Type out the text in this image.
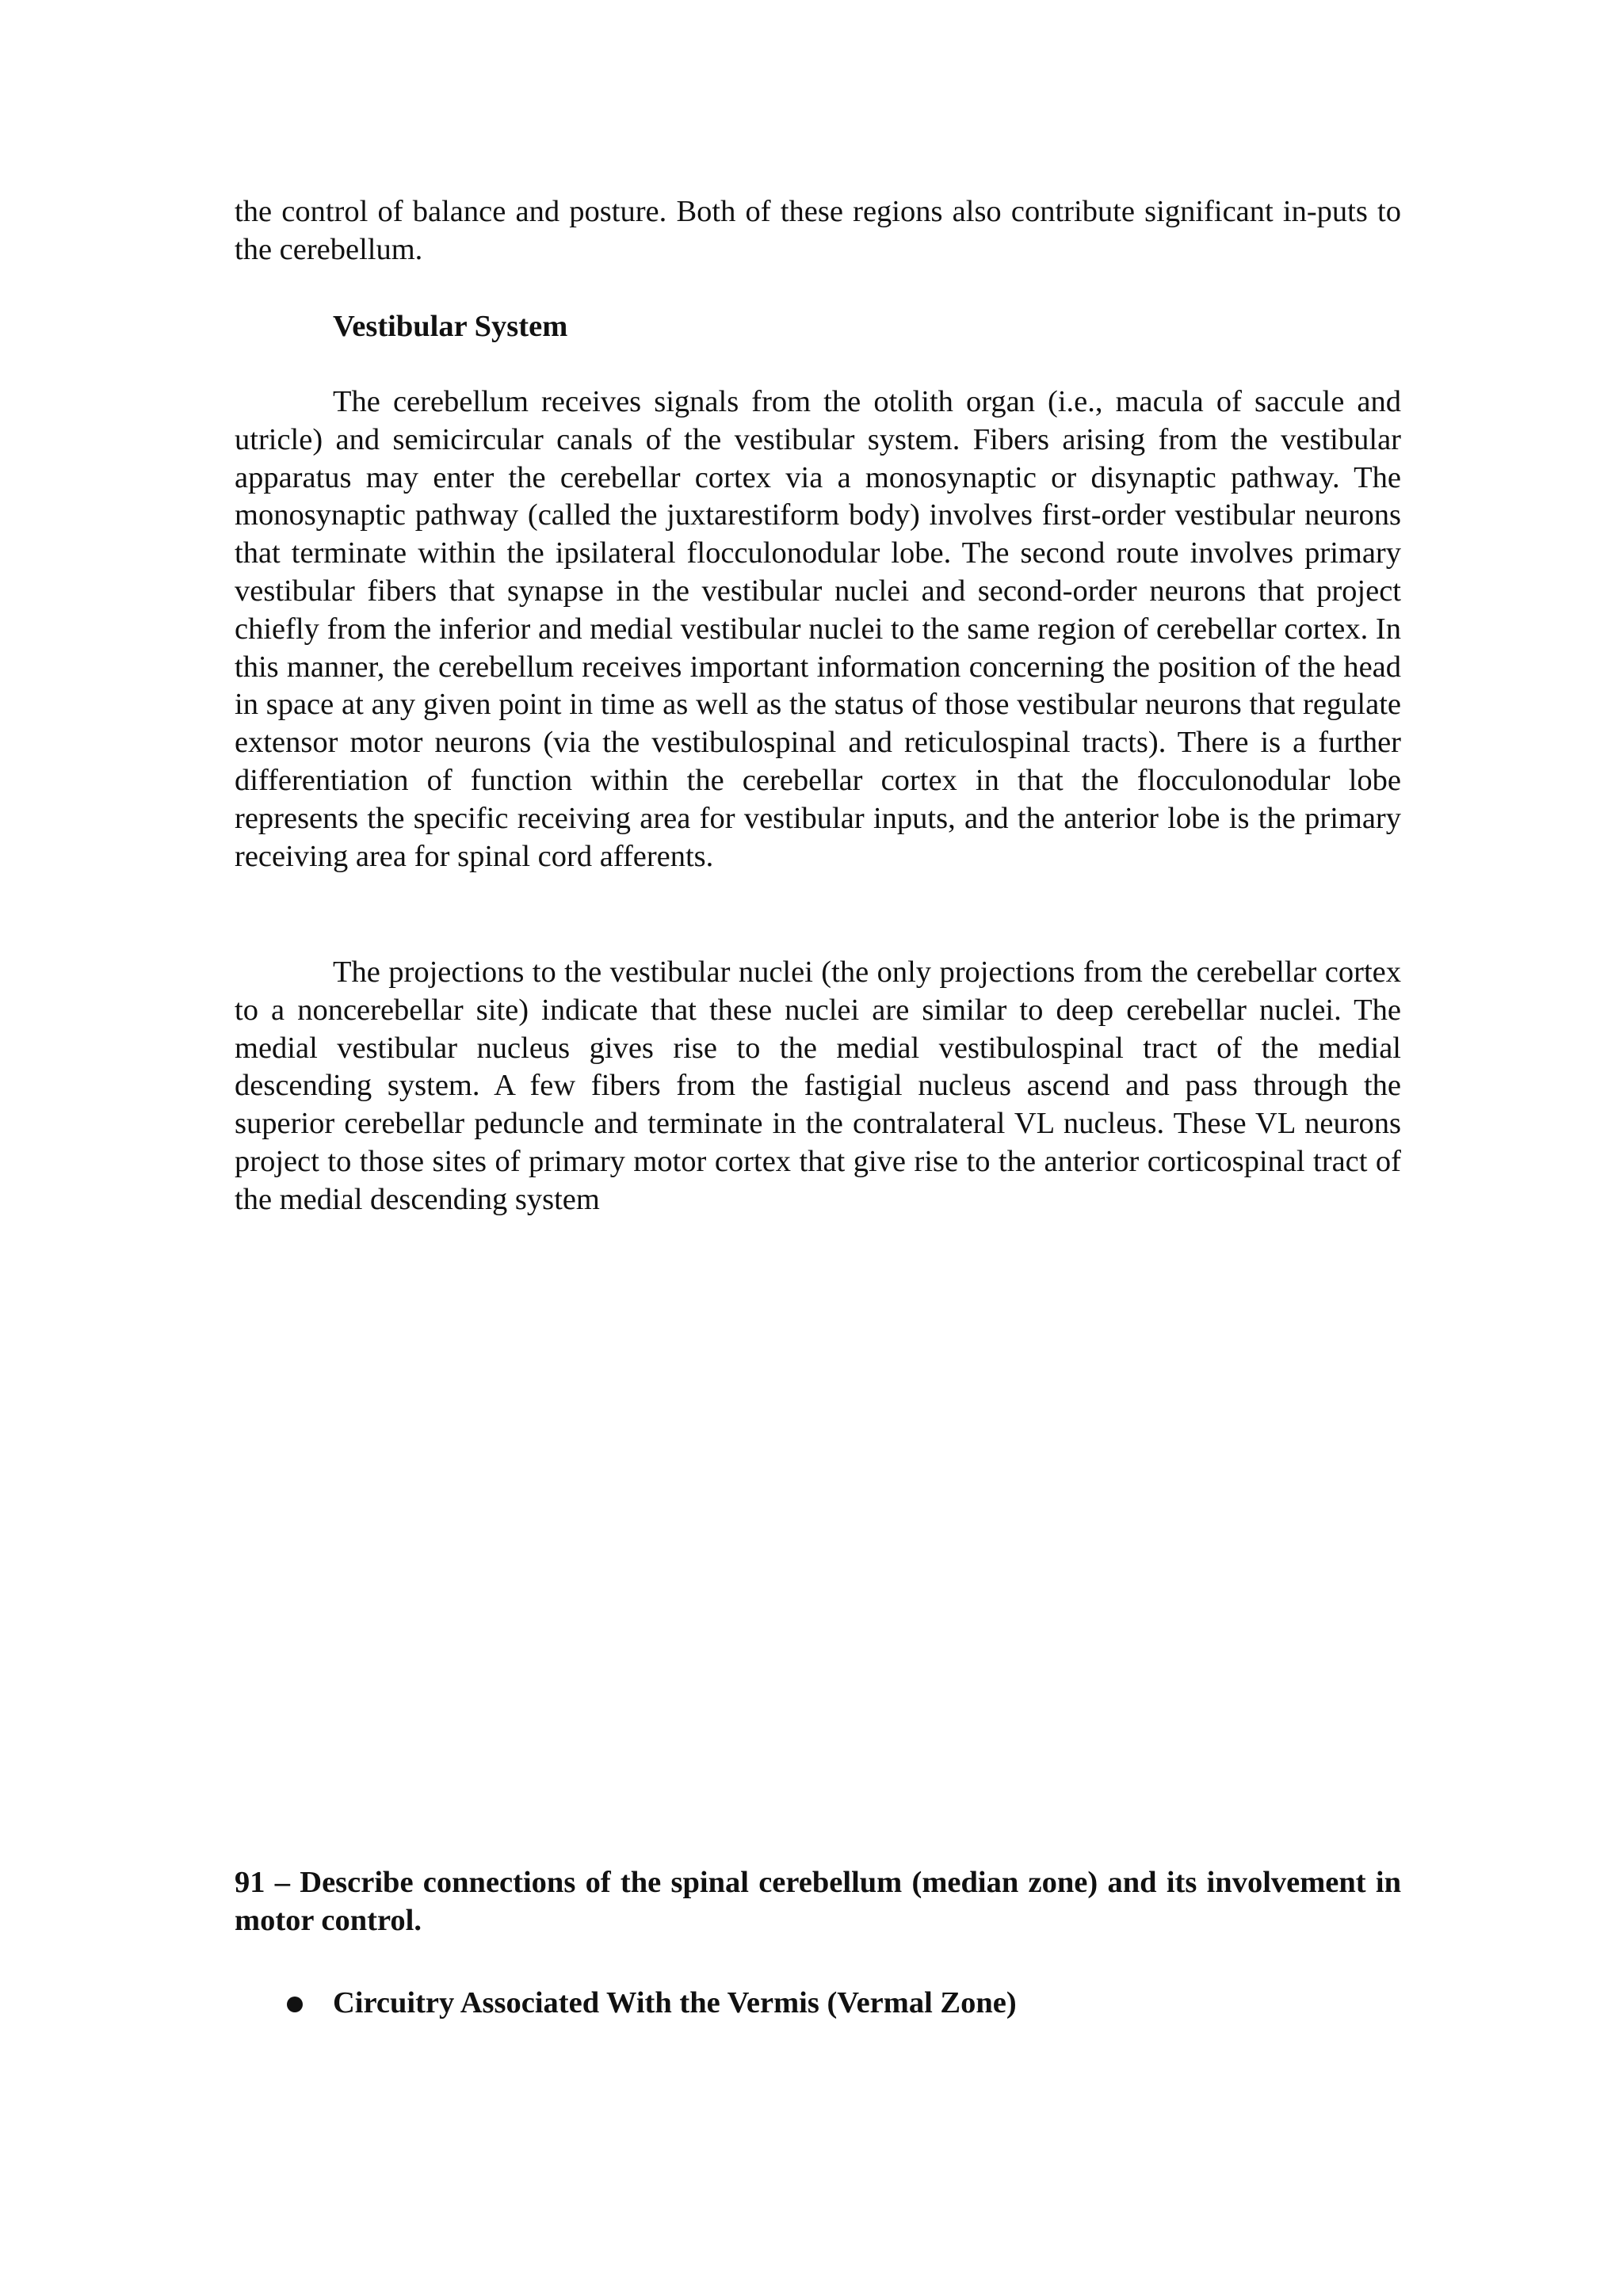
the control of balance and posture. Both of these regions also contribute significant in-puts to the cerebellum.

Vestibular System

The cerebellum receives signals from the otolith organ (i.e., macula of saccule and utricle) and semicircular canals of the vestibular system. Fibers arising from the vestibular apparatus may enter the cerebellar cortex via a monosynaptic or disynaptic pathway. The monosynaptic pathway (called the juxtarestiform body) involves first-order vestibular neurons that terminate within the ipsilateral flocculonodular lobe. The second route involves primary vestibular fibers that synapse in the vestibular nuclei and second-order neurons that project chiefly from the inferior and medial vestibular nuclei to the same region of cerebellar cortex. In this manner, the cerebellum receives important information concerning the position of the head in space at any given point in time as well as the status of those vestibular neurons that regulate extensor motor neurons (via the vestibulospinal and reticulospinal tracts). There is a further differentiation of function within the cerebellar cortex in that the flocculonodular lobe represents the specific receiving area for vestibular inputs, and the anterior lobe is the primary receiving area for spinal cord afferents.

The projections to the vestibular nuclei (the only projections from the cerebellar cortex to a noncerebellar site) indicate that these nuclei are similar to deep cerebellar nuclei. The medial vestibular nucleus gives rise to the medial vestibulospinal tract of the medial descending system. A few fibers from the fastigial nucleus ascend and pass through the superior cerebellar peduncle and terminate in the contralateral VL nucleus. These VL neurons project to those sites of primary motor cortex that give rise to the anterior corticospinal tract of the medial descending system

91 – Describe connections of the spinal cerebellum (median zone) and its involvement in motor control.

Circuitry Associated With the Vermis (Vermal Zone)
